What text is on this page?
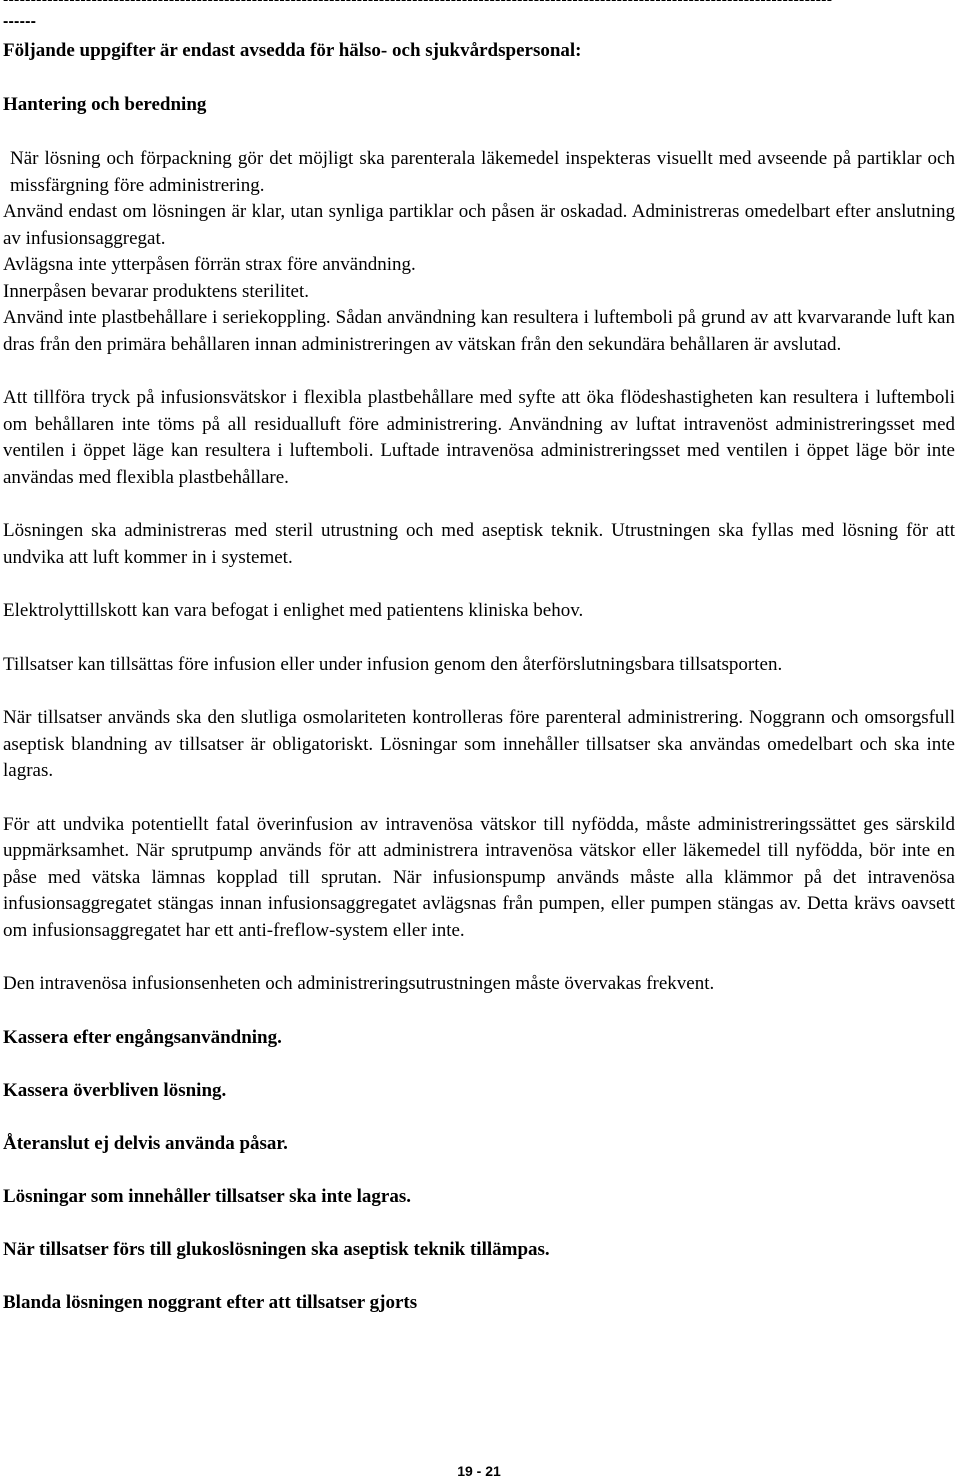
------

Följande uppgifter är endast avsedda för hälso- och sjukvårdspersonal:

Hantering och beredning

När lösning och förpackning gör det möjligt ska parenterala läkemedel inspekteras visuellt med avseende på partiklar och missfärgning före administrering.

Använd endast om lösningen är klar, utan synliga partiklar och påsen är oskadad. Administreras omedelbart efter anslutning av infusionsaggregat.

Avlägsna inte ytterpåsen förrän strax före användning.

Innerpåsen bevarar produktens sterilitet.

Använd inte plastbehållare i seriekoppling. Sådan användning kan resultera i luftemboli på grund av att kvarvarande luft kan dras från den primära behållaren innan administreringen av vätskan från den sekundära behållaren är avslutad.

Att tillföra tryck på infusionsvätskor i flexibla plastbehållare med syfte att öka flödeshastigheten kan resultera i luftemboli om behållaren inte töms på all residualluft före administrering. Användning av luftat intravenöst administreringsset med ventilen i öppet läge kan resultera i luftemboli. Luftade intravenösa administreringsset med ventilen i öppet läge bör inte användas med flexibla plastbehållare.

Lösningen ska administreras med steril utrustning och med aseptisk teknik. Utrustningen ska fyllas med lösning för att undvika att luft kommer in i systemet.

Elektrolyttillskott kan vara befogat i enlighet med patientens kliniska behov.

Tillsatser kan tillsättas före infusion eller under infusion genom den återförslutningsbara tillsatsporten.

När tillsatser används ska den slutliga osmolariteten kontrolleras före parenteral administrering. Noggrann och omsorgsfull aseptisk blandning av tillsatser är obligatoriskt. Lösningar som innehåller tillsatser ska användas omedelbart och ska inte lagras.

För att undvika potentiellt fatal överinfusion av intravenösa vätskor till nyfödda, måste administreringssättet ges särskild uppmärksamhet. När sprutpump används för att administrera intravenösa vätskor eller läkemedel till nyfödda, bör inte en påse med vätska lämnas kopplad till sprutan. När infusionspump används måste alla klämmor på det intravenösa infusionsaggregatet stängas innan infusionsaggregatet avlägsnas från pumpen, eller pumpen stängas av. Detta krävs oavsett om infusionsaggregatet har ett anti-freflow-system eller inte.

Den intravenösa infusionsenheten och administreringsutrustningen måste övervakas frekvent.

Kassera efter engångsanvändning.

Kassera överbliven lösning.

Återanslut ej delvis använda påsar.

Lösningar som innehåller tillsatser ska inte lagras.

När tillsatser förs till glukoslösningen ska aseptisk teknik tillämpas.

Blanda lösningen noggrant efter att tillsatser gjorts

19 - 21
